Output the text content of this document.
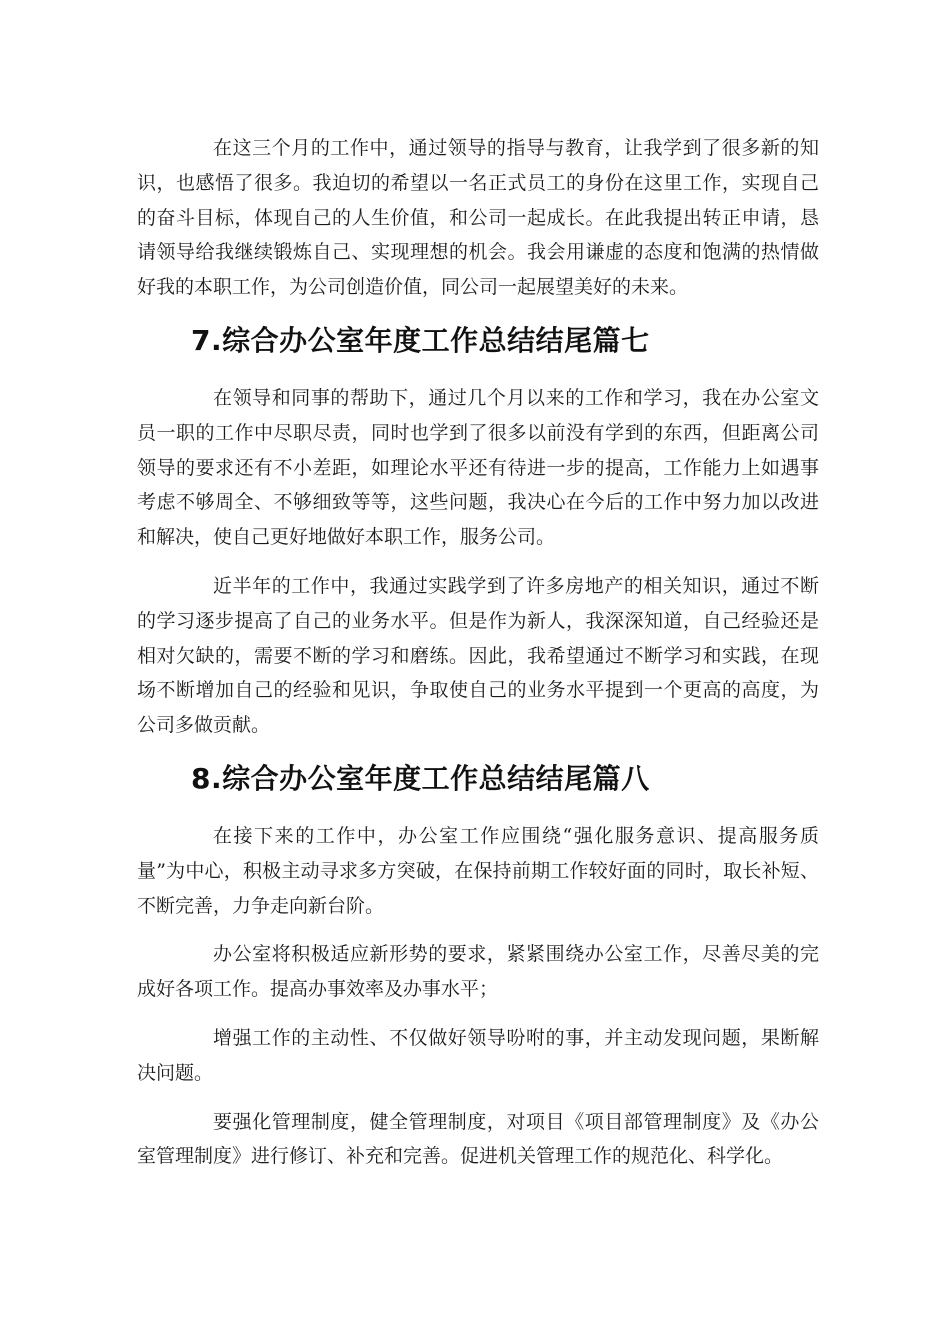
在这三个月的工作中，通过领导的指导与教育，让我学到了很多新的知识，也感悟了很多。我迫切的希望以一名正式员工的身份在这里工作，实现自己的奋斗目标，体现自己的人生价值，和公司一起成长。在此我提出转正申请，恳请领导给我继续锻炼自己、实现理想的机会。我会用谦虚的态度和饱满的热情做好我的本职工作，为公司创造价值，同公司一起展望美好的未来。

7.综合办公室年度工作总结结尾篇七

在领导和同事的帮助下，通过几个月以来的工作和学习，我在办公室文员一职的工作中尽职尽责，同时也学到了很多以前没有学到的东西，但距离公司领导的要求还有不小差距，如理论水平还有待进一步的提高，工作能力上如遇事考虑不够周全、不够细致等等，这些问题，我决心在今后的工作中努力加以改进和解决，使自己更好地做好本职工作，服务公司。

近半年的工作中，我通过实践学到了许多房地产的相关知识，通过不断的学习逐步提高了自己的业务水平。但是作为新人，我深深知道，自己经验还是相对欠缺的，需要不断的学习和磨练。因此，我希望通过不断学习和实践，在现场不断增加自己的经验和见识，争取使自己的业务水平提到一个更高的高度，为公司多做贡献。

8.综合办公室年度工作总结结尾篇八

在接下来的工作中，办公室工作应围绕“强化服务意识、提高服务质量”为中心，积极主动寻求多方突破，在保持前期工作较好面的同时，取长补短、不断完善，力争走向新台阶。

办公室将积极适应新形势的要求，紧紧围绕办公室工作，尽善尽美的完成好各项工作。提高办事效率及办事水平；

增强工作的主动性、不仅做好领导吩咐的事，并主动发现问题，果断解决问题。

要强化管理制度，健全管理制度，对项目《项目部管理制度》及《办公室管理制度》进行修订、补充和完善。促进机关管理工作的规范化、科学化。
